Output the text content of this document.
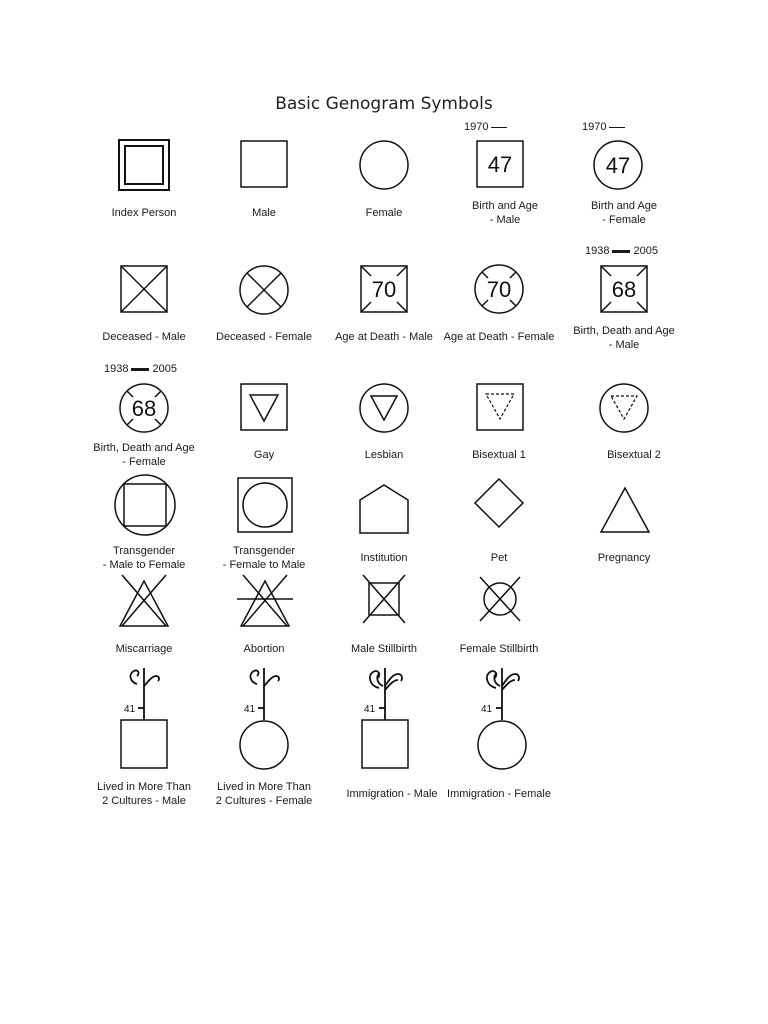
Basic Genogram Symbols
Index Person	Male	Female
1970
47
Birth and Age
- Male
1970
47
Birth and Age
- Female
Deceased - Male	Deceased - Female
70
Age at Death - Male
70
Age at Death - Female
1938 2005
68
Birth, Death and Age
- Male
1938 2005
68
Birth, Death and Age
- Female
Gay	Lesbian	Bisextual 1	Bisextual 2
Transgender
- Male to Female
Transgender
- Female to Male
Institution	Pet	Pregnancy
Miscarriage	Abortion	Male Stillbirth	Female Stillbirth
41
Lived in More Than
2 Cultures - Male
41
Lived in More Than
2 Cultures - Female
41
Immigration - Male
41
Immigration - Female
